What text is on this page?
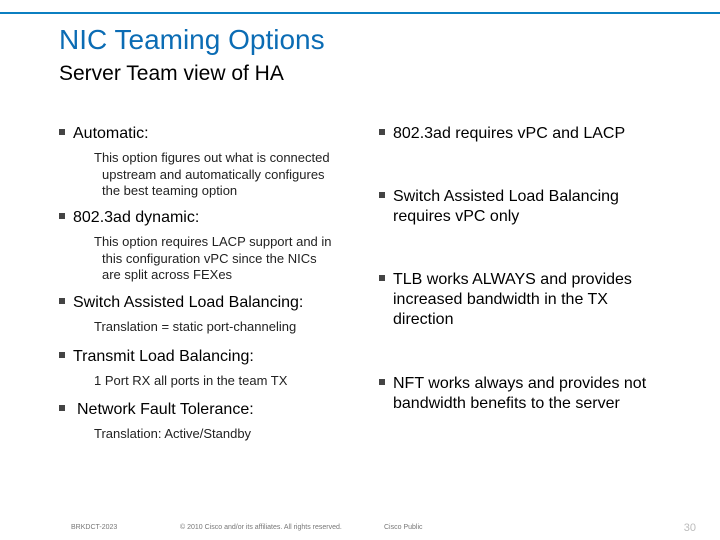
NIC Teaming Options
Server Team view of HA
Automatic:
This option figures out what is connected
upstream and automatically configures
the best teaming option
802.3ad dynamic:
This option requires LACP support and in
this configuration vPC since the NICs
are split across FEXes
Switch Assisted Load Balancing:
Translation = static port-channeling
Transmit Load Balancing:
1 Port RX all ports in the team TX
Network Fault Tolerance:
Translation: Active/Standby
802.3ad requires vPC and LACP
Switch Assisted Load Balancing requires vPC only
TLB works ALWAYS and provides increased bandwidth in the TX direction
NFT works always and provides not bandwidth benefits to the server
BRKDCT-2023	© 2010 Cisco and/or its affiliates. All rights reserved.	Cisco Public	30
